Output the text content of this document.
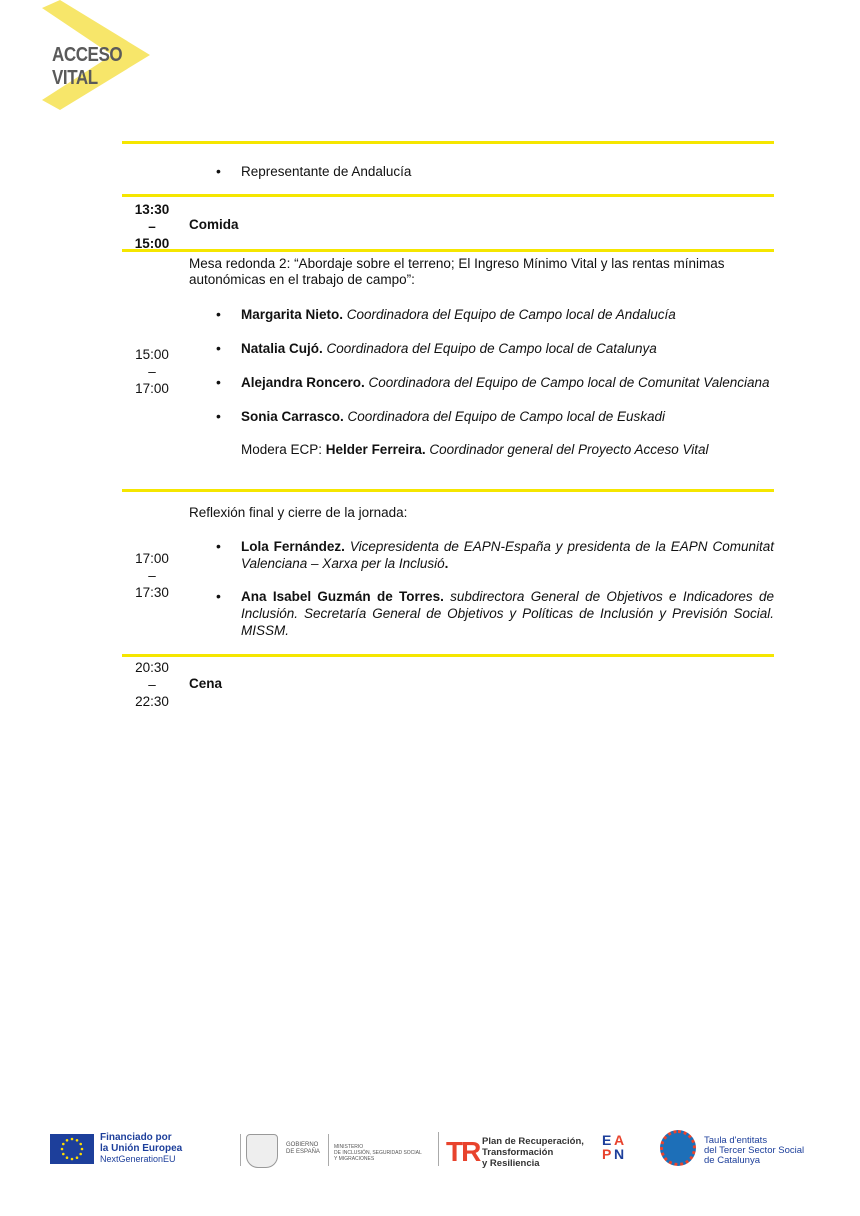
ACCESO VITAL
• Representante de Andalucía
13:30
–
15:00
Comida
15:00
–
17:00
Mesa redonda 2: “Abordaje sobre el terreno; El Ingreso Mínimo Vital y las rentas mínimas autonómicas en el trabajo de campo”:
• Margarita Nieto. Coordinadora del Equipo de Campo local de Andalucía
• Natalia Cujó. Coordinadora del Equipo de Campo local de Catalunya
• Alejandra Roncero. Coordinadora del Equipo de Campo local de Comunitat Valenciana
• Sonia Carrasco. Coordinadora del Equipo de Campo local de Euskadi
Modera ECP: Helder Ferreira. Coordinador general del Proyecto Acceso Vital
17:00
–
17:30
Reflexión final y cierre de la jornada:
• Lola Fernández. Vicepresidenta de EAPN-España y presidenta de la EAPN Comunitat Valenciana – Xarxa per la Inclusió.
• Ana Isabel Guzmán de Torres. subdirectora General de Objetivos e Indicadores de Inclusión. Secretaría General de Objetivos y Políticas de Inclusión y Previsión Social. MISSM.
20:30
–
22:30
Cena
Financiado por
la Unión Europea
NextGenerationEU
GOBIERNO
DE ESPAÑA
MINISTERIO
DE INCLUSIÓN, SEGURIDAD SOCIAL
Y MIGRACIONES	TR Plan de Recuperación,
Transformación
y Resiliencia
E A
P N
Taula d'entitats
del Tercer Sector Social
de Catalunya
